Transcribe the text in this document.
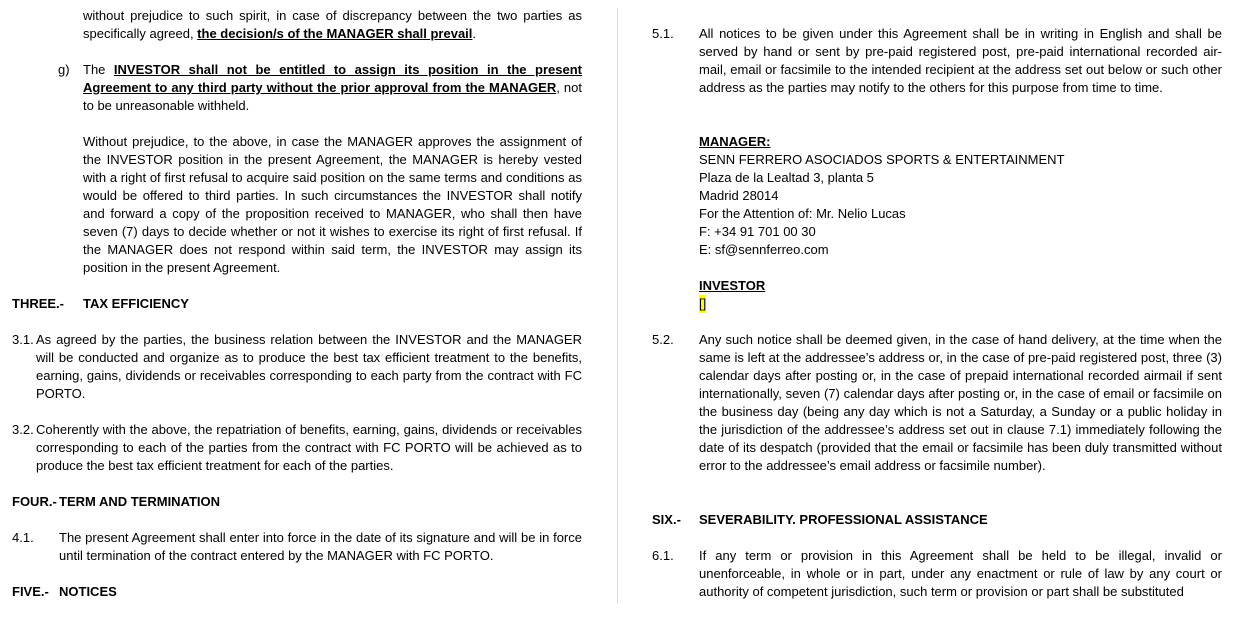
without prejudice to such spirit, in case of discrepancy between the two parties as specifically agreed, the decision/s of the MANAGER shall prevail.

g) The INVESTOR shall not be entitled to assign its position in the present Agreement to any third party without the prior approval from the MANAGER, not to be unreasonable withheld.

Without prejudice, to the above, in case the MANAGER approves the assignment of the INVESTOR position in the present Agreement, the MANAGER is hereby vested with a right of first refusal to acquire said position on the same terms and conditions as would be offered to third parties. In such circumstances the INVESTOR shall notify and forward a copy of the proposition received to MANAGER, who shall then have seven (7) days to decide whether or not it wishes to exercise its right of first refusal. If the MANAGER does not respond within said term, the INVESTOR may assign its position in the present Agreement.

THREE.- TAX EFFICIENCY
3.1. As agreed by the parties, the business relation between the INVESTOR and the MANAGER will be conducted and organize as to produce the best tax efficient treatment to the benefits, earning, gains, dividends or receivables corresponding to each party from the contract with FC PORTO.

3.2. Coherently with the above, the repatriation of benefits, earning, gains, dividends or receivables corresponding to each of the parties from the contract with FC PORTO will be achieved as to produce the best tax efficient treatment for each of the parties.

FOUR.- TERM AND TERMINATION
4.1. The present Agreement shall enter into force in the date of its signature and will be in force until termination of the contract entered by the MANAGER with FC PORTO.

FIVE.- NOTICES
5.1. All notices to be given under this Agreement shall be in writing in English and shall be served by hand or sent by pre-paid registered post, pre-paid international recorded air-mail, email or facsimile to the intended recipient at the address set out below or such other address as the parties may notify to the others for this purpose from time to time.

MANAGER:
SENN FERRERO ASOCIADOS SPORTS & ENTERTAINMENT
Plaza de la Lealtad 3, planta 5
Madrid 28014
For the Attention of: Mr. Nelio Lucas
F: +34 91 701 00 30
E: sf@sennferreo.com
INVESTOR
[]
5.2. Any such notice shall be deemed given, in the case of hand delivery, at the time when the same is left at the addressee’s address or, in the case of pre-paid registered post, three (3) calendar days after posting or, in the case of prepaid international recorded airmail if sent internationally, seven (7) calendar days after posting or, in the case of email or facsimile on the business day (being any day which is not a Saturday, a Sunday or a public holiday in the jurisdiction of the addressee’s address set out in clause 7.1) immediately following the date of its despatch (provided that the email or facsimile has been duly transmitted without error to the addressee’s email address or facsimile number).

SIX.- SEVERABILITY. PROFESSIONAL ASSISTANCE
6.1. If any term or provision in this Agreement shall be held to be illegal, invalid or unenforceable, in whole or in part, under any enactment or rule of law by any court or authority of competent jurisdiction, such term or provision or part shall be substituted
